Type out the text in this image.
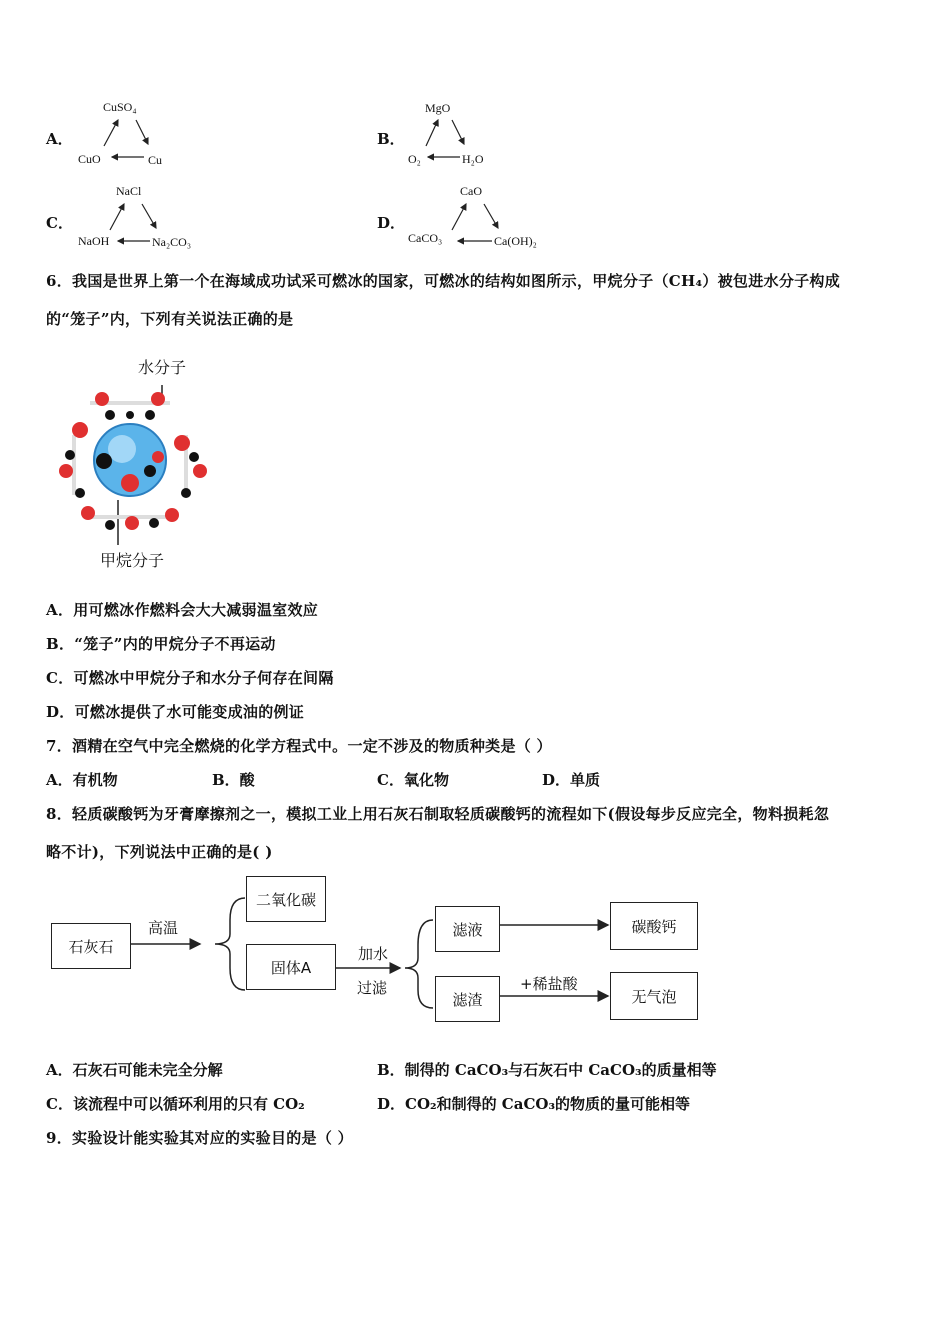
A．
CuSO₄
CuO	Cu
B．
MgO
O₂	H₂O
C．
NaCl
NaOH	Na₂CO₃
D．
CaO
CaCO₃	Ca(OH)₂
6．我国是世界上第一个在海域成功试采可燃冰的国家，可燃冰的结构如图所示，甲烷分子（CH₄）被包进水分子构成
的“笼子”内，下列有关说法正确的是
水分子
甲烷分子
A．用可燃冰作燃料会大大减弱温室效应
B．“笼子”内的甲烷分子不再运动
C．可燃冰中甲烷分子和水分子何存在间隔
D．可燃冰提供了水可能变成油的例证
7．酒精在空气中完全燃烧的化学方程式中。一定不涉及的物质种类是（ ）
A．有机物	B．酸	C．氧化物	D．单质
8．轻质碳酸钙为牙膏摩擦剂之一，模拟工业上用石灰石制取轻质碳酸钙的流程如下(假设每步反应完全，物料损耗忽
略不计)，下列说法中正确的是( )
石灰石
高温
二氧化碳
固体A
加水
过滤
滤液
滤渣
碳酸钙
+稀盐酸
无气泡
A．石灰石可能未完全分解	B．制得的 CaCO₃与石灰石中 CaCO₃的质量相等
C．该流程中可以循环利用的只有 CO₂	D．CO₂和制得的 CaCO₃的物质的量可能相等
9．实验设计能实验其对应的实验目的是（ ）
